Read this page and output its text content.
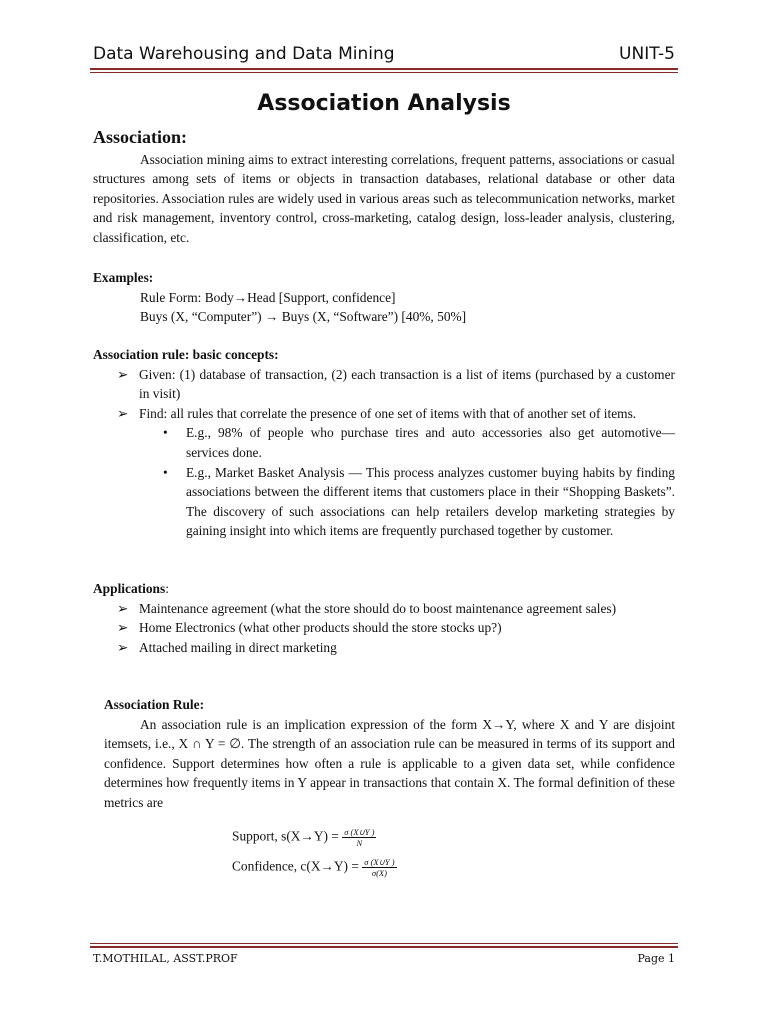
Data Warehousing and Data Mining	UNIT-5
Association Analysis
Association:

Association mining aims to extract interesting correlations, frequent patterns, associations or casual structures among sets of items or objects in transaction databases, relational database or other data repositories. Association rules are widely used in various areas such as telecommunication networks, market and risk management, inventory control, cross-marketing, catalog design, loss-leader analysis, clustering, classification, etc.

Examples:
Rule Form: Body→Head [Support, confidence]
Buys (X, “Computer”) → Buys (X, “Software”) [40%, 50%]
Association rule: basic concepts:
➢ Given: (1) database of transaction, (2) each transaction is a list of items (purchased by a customer in visit)
➢ Find: all rules that correlate the presence of one set of items with that of another set of items.
• E.g., 98% of people who purchase tires and auto accessories also get automotive— services done.
• E.g., Market Basket Analysis — This process analyzes customer buying habits by finding associations between the different items that customers place in their “Shopping Baskets”. The discovery of such associations can help retailers develop marketing strategies by gaining insight into which items are frequently purchased together by customer.
Applications:
➢ Maintenance agreement (what the store should do to boost maintenance agreement sales)
➢ Home Electronics (what other products should the store stocks up?)
➢ Attached mailing in direct marketing
Association Rule:

An association rule is an implication expression of the form X→Y, where X and Y are disjoint itemsets, i.e., X ∩ Y = ∅. The strength of an association rule can be measured in terms of its support and confidence. Support determines how often a rule is applicable to a given data set, while confidence determines how frequently items in Y appear in transactions that contain X. The formal definition of these metrics are

Support, $s(X\to Y) = \frac{\sigma (X\cup Y )}{N}$
Confidence, $c(X\to Y) = \frac{\sigma (X\cup Y )}{\sigma(X)}$
T.MOTHILAL, ASST.PROF	Page 1
